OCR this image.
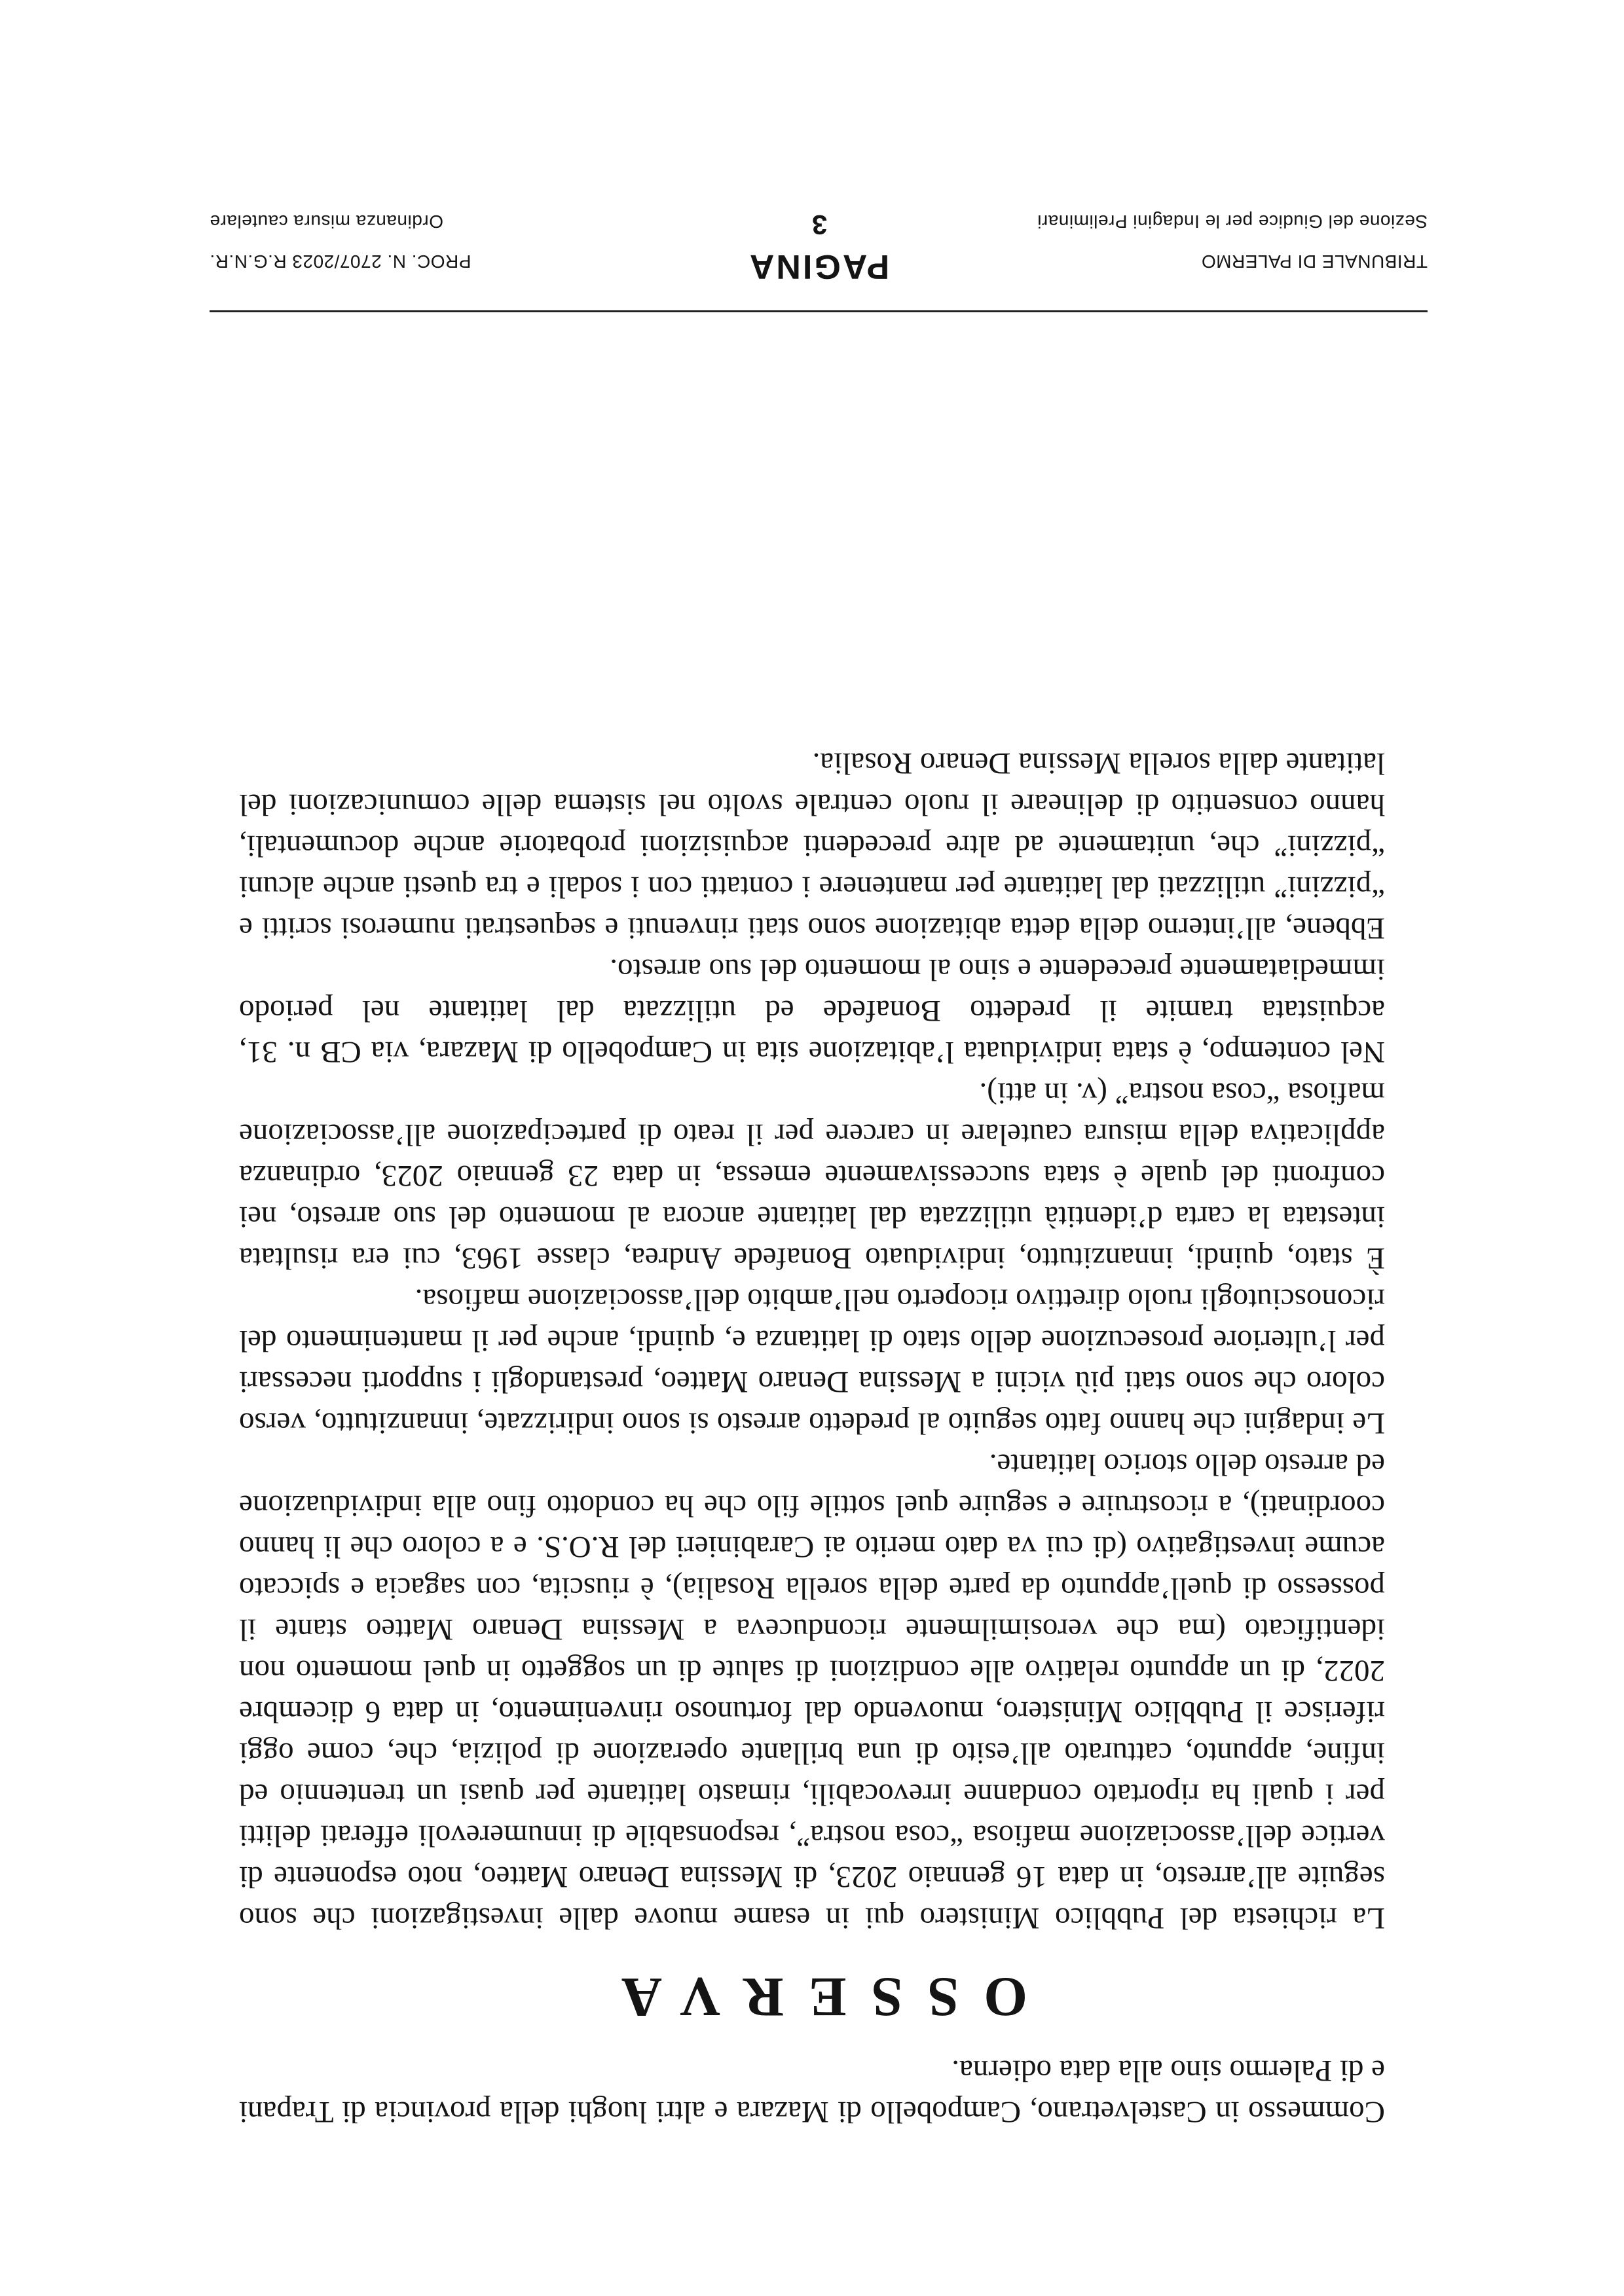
Commesso in Castelvetrano, Campobello di Mazara e altri luoghi della provincia di Trapani e di Palermo sino alla data odierna.

OSSERVA

La richiesta del Pubblico Ministero qui in esame muove dalle investigazioni che sono seguite all’arresto, in data 16 gennaio 2023, di Messina Denaro Matteo, noto esponente di vertice dell’associazione mafiosa “cosa nostra”, responsabile di innumerevoli efferati delitti per i quali ha riportato condanne irrevocabili, rimasto latitante per quasi un trentennio ed infine, appunto, catturato all’esito di una brillante operazione di polizia, che, come oggi riferisce il Pubblico Ministero, muovendo dal fortunoso rinvenimento, in data 6 dicembre 2022, di un appunto relativo alle condizioni di salute di un soggetto in quel momento non identificato (ma che verosimilmente riconduceva a Messina Denaro Matteo stante il possesso di quell’appunto da parte della sorella Rosalia), è riuscita, con sagacia e spiccato acume investigativo (di cui va dato merito ai Carabinieri del R.O.S. e a coloro che li hanno coordinati), a ricostruire e seguire quel sottile filo che ha condotto fino alla individuazione ed arresto dello storico latitante.

Le indagini che hanno fatto seguito al predetto arresto si sono indirizzate, innanzitutto, verso coloro che sono stati più vicini a Messina Denaro Matteo, prestandogli i supporti necessari per l’ulteriore prosecuzione dello stato di latitanza e, quindi, anche per il mantenimento del riconosciutogli ruolo direttivo ricoperto nell’ambito dell’associazione mafiosa.

È stato, quindi, innanzitutto, individuato Bonafede Andrea, classe 1963, cui era risultata intestata la carta d’identità utilizzata dal latitante ancora al momento del suo arresto, nei confronti del quale è stata successivamente emessa, in data 23 gennaio 2023, ordinanza applicativa della misura cautelare in carcere per il reato di partecipazione all’associazione mafiosa “cosa nostra” (v. in atti).

Nel contempo, è stata individuata l’abitazione sita in Campobello di Mazara, via CB n. 31, acquistata tramite il predetto Bonafede ed utilizzata dal latitante nel periodo immediatamente precedente e sino al momento del suo arresto.

Ebbene, all’interno della detta abitazione sono stati rinvenuti e sequestrati numerosi scritti e “pizzini” utilizzati dal latitante per mantenere i contatti con i sodali e tra questi anche alcuni “pizzini” che, unitamente ad altre precedenti acquisizioni probatorie anche documentali, hanno consentito di delineare il ruolo centrale svolto nel sistema delle comunicazioni del latitante dalla sorella Messina Denaro Rosalia.

TRIBUNALE DI PALERMO
PAGINA
PROC. N. 2707/2023 R.G.N.R.
Sezione del Giudice per le Indagini Preliminari
3
Ordinanza misura cautelare
